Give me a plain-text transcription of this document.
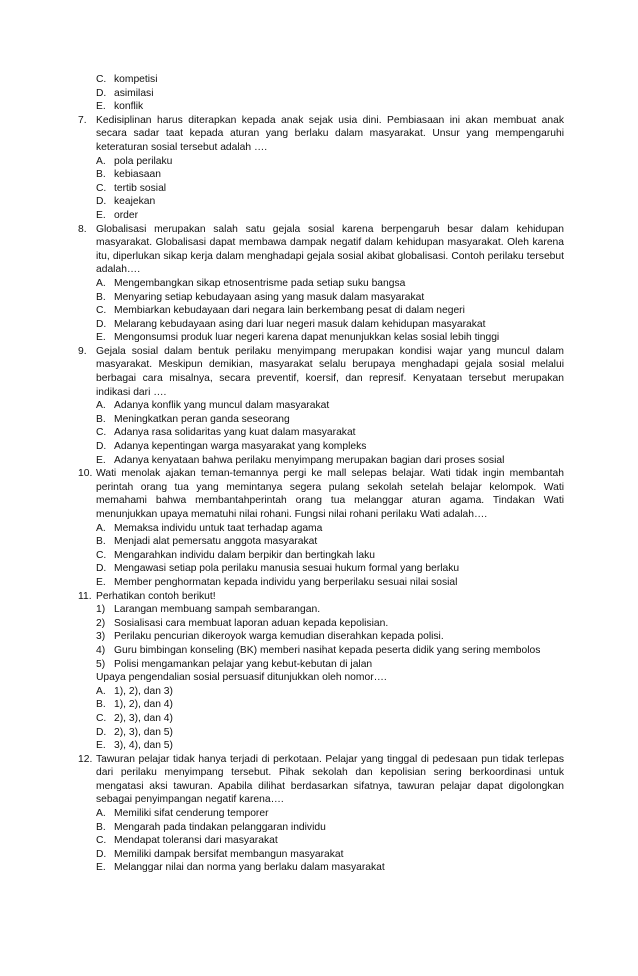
C. kompetisi
D. asimilasi
E. konflik
7. Kedisiplinan harus diterapkan kepada anak sejak usia dini. Pembiasaan ini akan membuat anak secara sadar taat kepada aturan yang berlaku dalam masyarakat. Unsur yang mempengaruhi keteraturan sosial tersebut adalah ….
A. pola perilaku
B. kebiasaan
C. tertib sosial
D. keajekan
E. order
8. Globalisasi merupakan salah satu gejala sosial karena berpengaruh besar dalam kehidupan masyarakat. Globalisasi dapat membawa dampak negatif dalam kehidupan masyarakat. Oleh karena itu, diperlukan sikap kerja dalam menghadapi gejala sosial akibat globalisasi. Contoh perilaku tersebut adalah….
A. Mengembangkan sikap etnosentrisme pada setiap suku bangsa
B. Menyaring setiap kebudayaan asing yang masuk dalam masyarakat
C. Membiarkan kebudayaan dari negara lain berkembang pesat di dalam negeri
D. Melarang kebudayaan asing dari luar negeri masuk dalam kehidupan masyarakat
E. Mengonsumsi produk luar negeri karena dapat menunjukkan kelas sosial lebih tinggi
9. Gejala sosial dalam bentuk perilaku menyimpang merupakan kondisi wajar yang muncul dalam masyarakat. Meskipun demikian, masyarakat selalu berupaya menghadapi gejala sosial melalui berbagai cara misalnya, secara preventif, koersif, dan represif. Kenyataan tersebut merupakan indikasi dari ….
A. Adanya konflik yang muncul dalam masyarakat
B. Meningkatkan peran ganda seseorang
C. Adanya rasa solidaritas yang kuat dalam masyarakat
D. Adanya kepentingan warga masyarakat yang kompleks
E. Adanya kenyataan bahwa perilaku menyimpang merupakan bagian dari proses sosial
10. Wati menolak ajakan teman-temannya pergi ke mall selepas belajar. Wati tidak ingin membantah perintah orang tua yang memintanya segera pulang sekolah setelah belajar kelompok. Wati memahami bahwa membantahperintah orang tua melanggar aturan agama. Tindakan Wati menunjukkan upaya mematuhi nilai rohani. Fungsi nilai rohani perilaku Wati adalah….
A. Memaksa individu untuk taat terhadap agama
B. Menjadi alat pemersatu anggota masyarakat
C. Mengarahkan individu dalam berpikir dan bertingkah laku
D. Mengawasi setiap pola perilaku manusia sesuai hukum formal yang berlaku
E. Member penghormatan kepada individu yang berperilaku sesuai nilai sosial
11. Perhatikan contoh berikut!
1) Larangan membuang sampah sembarangan.
2) Sosialisasi cara membuat laporan aduan kepada kepolisian.
3) Perilaku pencurian dikeroyok warga kemudian diserahkan kepada polisi.
4) Guru bimbingan konseling (BK) memberi nasihat kepada peserta didik yang sering membolos
5) Polisi mengamankan pelajar yang kebut-kebutan di jalan
Upaya pengendalian sosial persuasif ditunjukkan oleh nomor….
A. 1), 2), dan 3)
B. 1), 2), dan 4)
C. 2), 3), dan 4)
D. 2), 3), dan 5)
E. 3), 4), dan 5)
12. Tawuran pelajar tidak hanya terjadi di perkotaan. Pelajar yang tinggal di pedesaan pun tidak terlepas dari perilaku menyimpang tersebut. Pihak sekolah dan kepolisian sering berkoordinasi untuk mengatasi aksi tawuran. Apabila dilihat berdasarkan sifatnya, tawuran pelajar dapat digolongkan sebagai penyimpangan negatif karena….
A. Memiliki sifat cenderung temporer
B. Mengarah pada tindakan pelanggaran individu
C. Mendapat toleransi dari masyarakat
D. Memiliki dampak bersifat membangun masyarakat
E. Melanggar nilai dan norma yang berlaku dalam masyarakat
